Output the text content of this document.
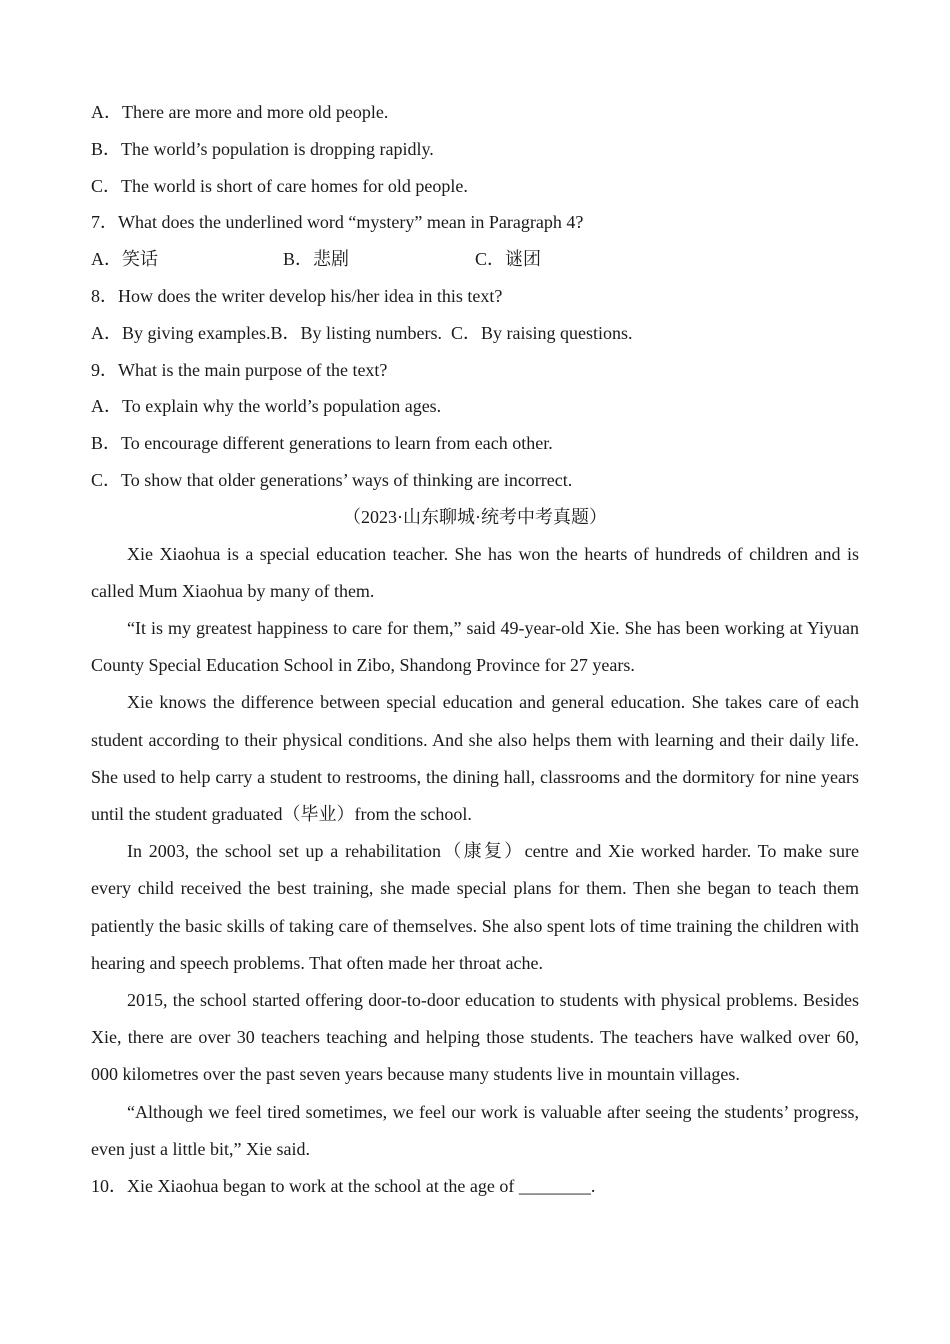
A．There are more and more old people.
B．The world’s population is dropping rapidly.
C．The world is short of care homes for old people.
7．What does the underlined word “mystery” mean in Paragraph 4?
A．笑话	B．悲剧	C．谜团
8．How does the writer develop his/her idea in this text?
A．By giving examples.B．By listing numbers.  C．By raising questions.
9．What is the main purpose of the text?
A．To explain why the world’s population ages.
B．To encourage different generations to learn from each other.
C．To show that older generations’ ways of thinking are incorrect.
（2023·山东聊城·统考中考真题）

Xie Xiaohua is a special education teacher. She has won the hearts of hundreds of children and is called Mum Xiaohua by many of them.

“It is my greatest happiness to care for them,” said 49-year-old Xie. She has been working at Yiyuan County Special Education School in Zibo, Shandong Province for 27 years.

Xie knows the difference between special education and general education. She takes care of each student according to their physical conditions. And she also helps them with learning and their daily life. She used to help carry a student to restrooms, the dining hall, classrooms and the dormitory for nine years until the student graduated（毕业）from the school.

In 2003, the school set up a rehabilitation（康复）centre and Xie worked harder. To make sure every child received the best training, she made special plans for them. Then she began to teach them patiently the basic skills of taking care of themselves. She also spent lots of time training the children with hearing and speech problems. That often made her throat ache.

2015, the school started offering door-to-door education to students with physical problems. Besides Xie, there are over 30 teachers teaching and helping those students. The teachers have walked over 60, 000 kilometres over the past seven years because many students live in mountain villages.

“Although we feel tired sometimes, we feel our work is valuable after seeing the students’ progress, even just a little bit,” Xie said.

10．Xie Xiaohua began to work at the school at the age of ________.
